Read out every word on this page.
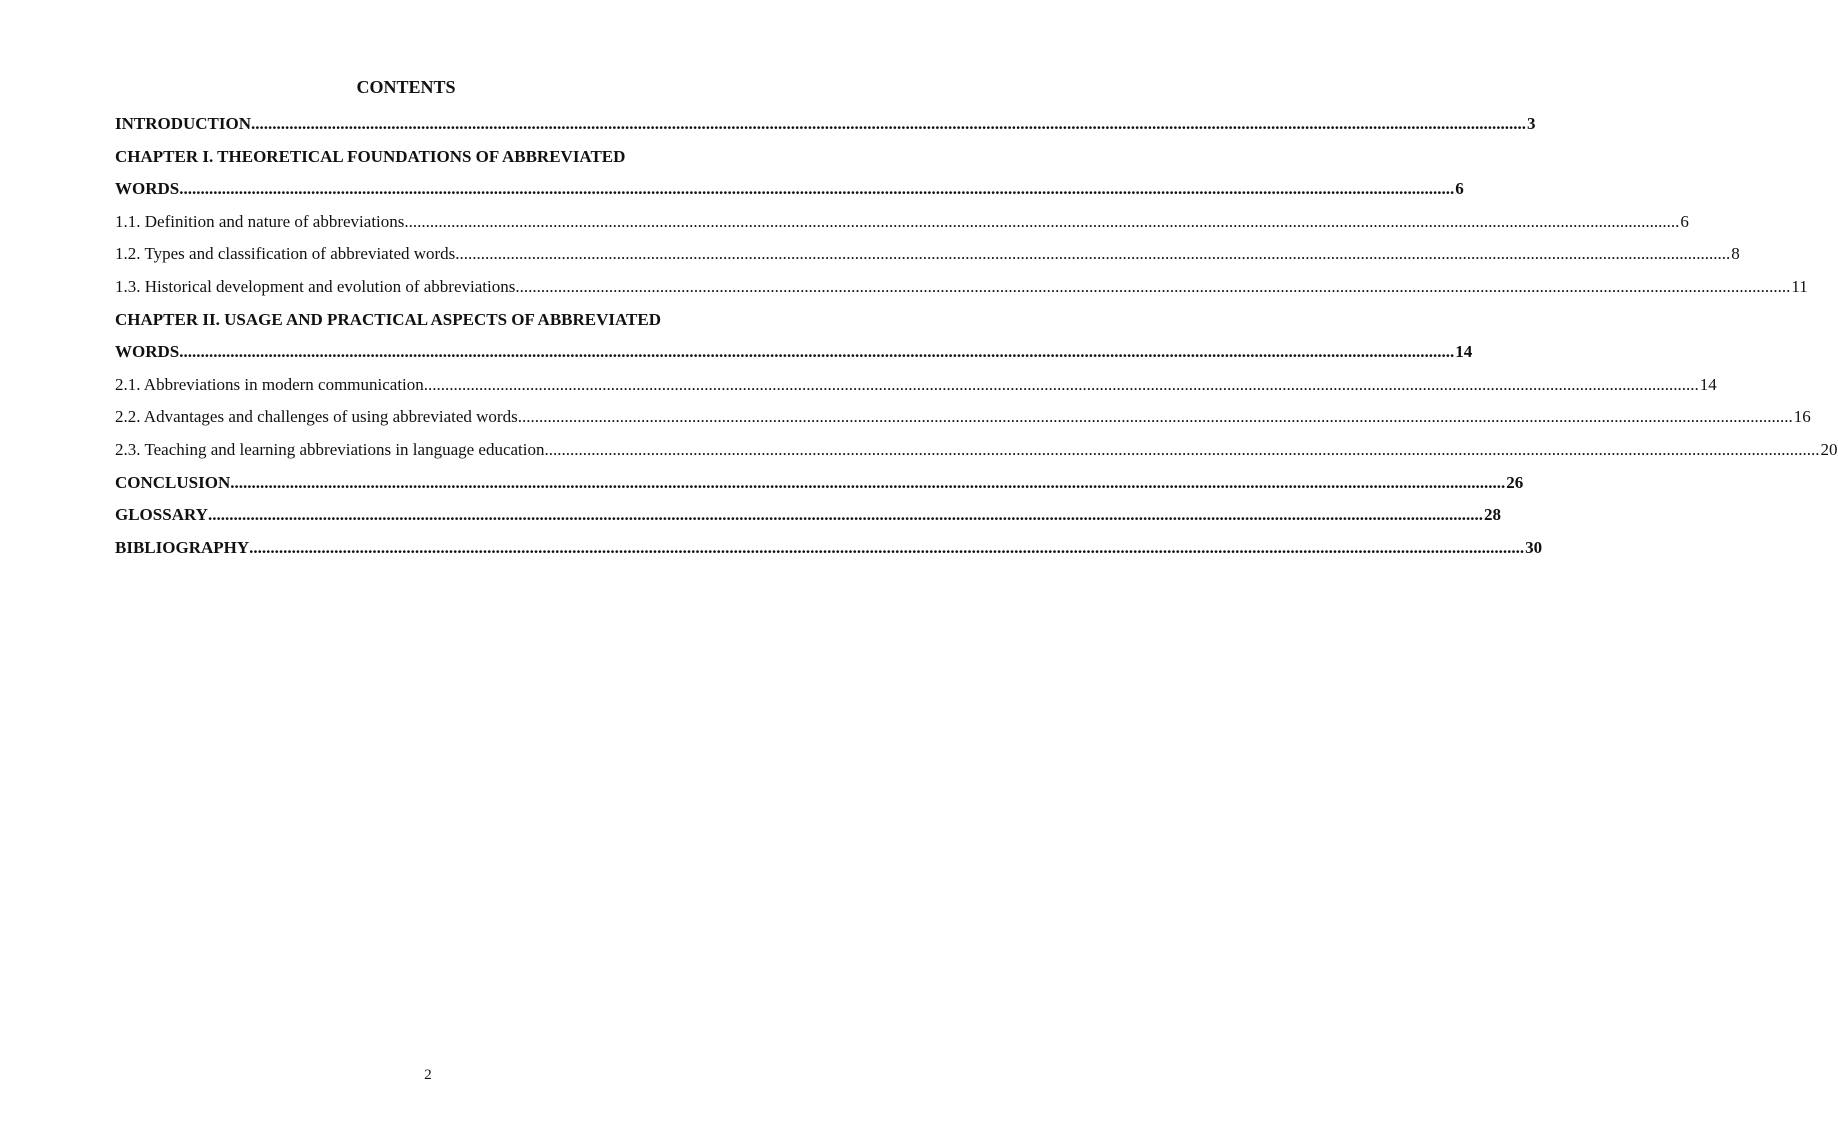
CONTENTS
INTRODUCTION ............................................................................................................................................................................................................................................................................................................ 3
CHAPTER I. THEORETICAL FOUNDATIONS OF ABBREVIATED
WORDS ............................................................................................................................................................................................................................................................................................................ 6
1.1. Definition and nature of abbreviations ............................................................................................................................................................................................................................................................................................................ 6
1.2. Types and classification of abbreviated words ............................................................................................................................................................................................................................................................................................................ 8
1.3. Historical development and evolution of abbreviations ............................................................................................................................................................................................................................................................................................................ 11
CHAPTER II. USAGE AND PRACTICAL ASPECTS OF ABBREVIATED
WORDS ............................................................................................................................................................................................................................................................................................................ 14
2.1. Abbreviations in modern communication ............................................................................................................................................................................................................................................................................................................ 14
2.2. Advantages and challenges of using abbreviated words ............................................................................................................................................................................................................................................................................................................ 16
2.3. Teaching and learning abbreviations in language education ............................................................................................................................................................................................................................................................................................................ 20
CONCLUSION ............................................................................................................................................................................................................................................................................................................ 26
GLOSSARY ............................................................................................................................................................................................................................................................................................................ 28
BIBLIOGRAPHY ............................................................................................................................................................................................................................................................................................................ 30
2
